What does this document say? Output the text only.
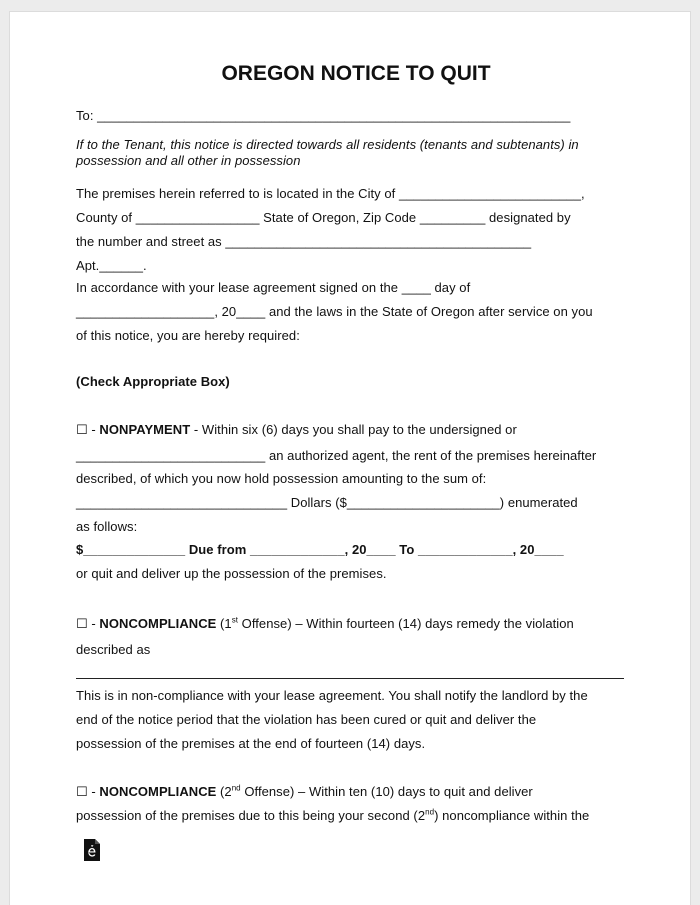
OREGON NOTICE TO QUIT
To: _________________________________________________________________
If to the Tenant, this notice is directed towards all residents (tenants and subtenants) in possession and all other in possession
The premises herein referred to is located in the City of _________________________,
County of _________________ State of Oregon, Zip Code _________ designated by
the number and street as __________________________________________
Apt.______.
In accordance with your lease agreement signed on the ____ day of
___________________, 20____ and the laws in the State of Oregon after service on you
of this notice, you are hereby required:
(Check Appropriate Box)
☐ - NONPAYMENT - Within six (6) days you shall pay to the undersigned or
__________________________ an authorized agent, the rent of the premises hereinafter
described, of which you now hold possession amounting to the sum of:
_____________________________ Dollars ($_____________________) enumerated
as follows:
$______________ Due from _____________, 20____ To _____________, 20____
or quit and deliver up the possession of the premises.
☐ - NONCOMPLIANCE (1st Offense) – Within fourteen (14) days remedy the violation
described as
This is in non-compliance with your lease agreement. You shall notify the landlord by the
end of the notice period that the violation has been cured or quit and deliver the
possession of the premises at the end of fourteen (14) days.
☐ - NONCOMPLIANCE (2nd Offense) – Within ten (10) days to quit and deliver
possession of the premises due to this being your second (2nd) noncompliance within the
